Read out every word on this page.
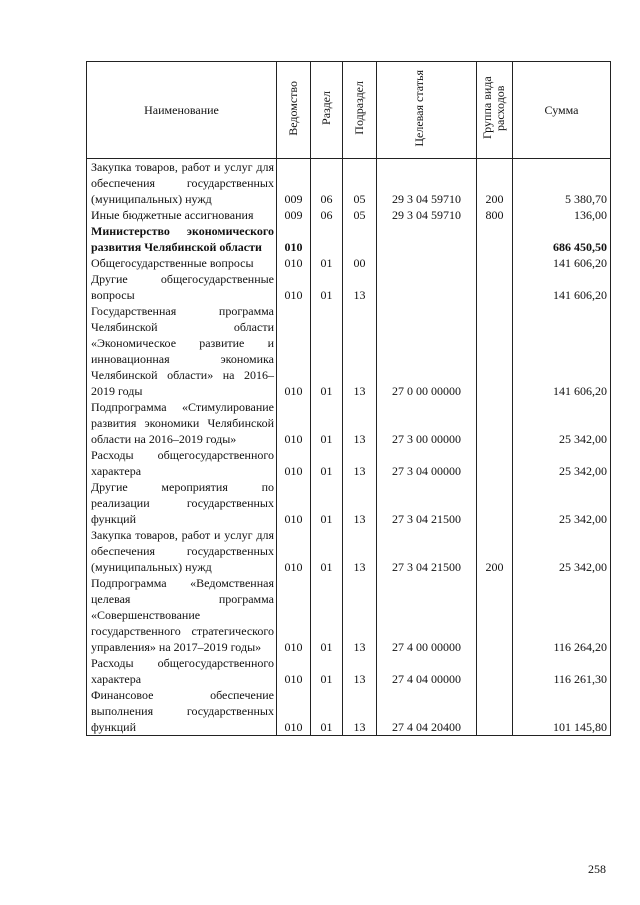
Наименование	Ведомство	Раздел	Подраздел	Целевая статья	Группа вида расходов	Сумма
Закупка товаров, работ и услуг для обеспечения государственных (муниципальных) нужд	009	06	05	29 3 04 59710	200	5 380,70
Иные бюджетные ассигнования	009	06	05	29 3 04 59710	800	136,00
Министерство экономического развития Челябинской области	010					686 450,50
Общегосударственные вопросы	010	01	00			141 606,20
Другие общегосударственные вопросы	010	01	13			141 606,20
Государственная программа Челябинской области «Экономическое развитие и инновационная экономика Челябинской области» на 2016–2019 годы	010	01	13	27 0 00 00000		141 606,20
Подпрограмма «Стимулирование развития экономики Челябинской области на 2016–2019 годы»	010	01	13	27 3 00 00000		25 342,00
Расходы общегосударственного характера	010	01	13	27 3 04 00000		25 342,00
Другие мероприятия по реализации государственных функций	010	01	13	27 3 04 21500		25 342,00
Закупка товаров, работ и услуг для обеспечения государственных (муниципальных) нужд	010	01	13	27 3 04 21500	200	25 342,00
Подпрограмма «Ведомственная целевая программа «Совершенствование государственного стратегического управления» на 2017–2019 годы»	010	01	13	27 4 00 00000		116 264,20
Расходы общегосударственного характера	010	01	13	27 4 04 00000		116 261,30
Финансовое обеспечение выполнения государственных функций	010	01	13	27 4 04 20400		101 145,80
258
